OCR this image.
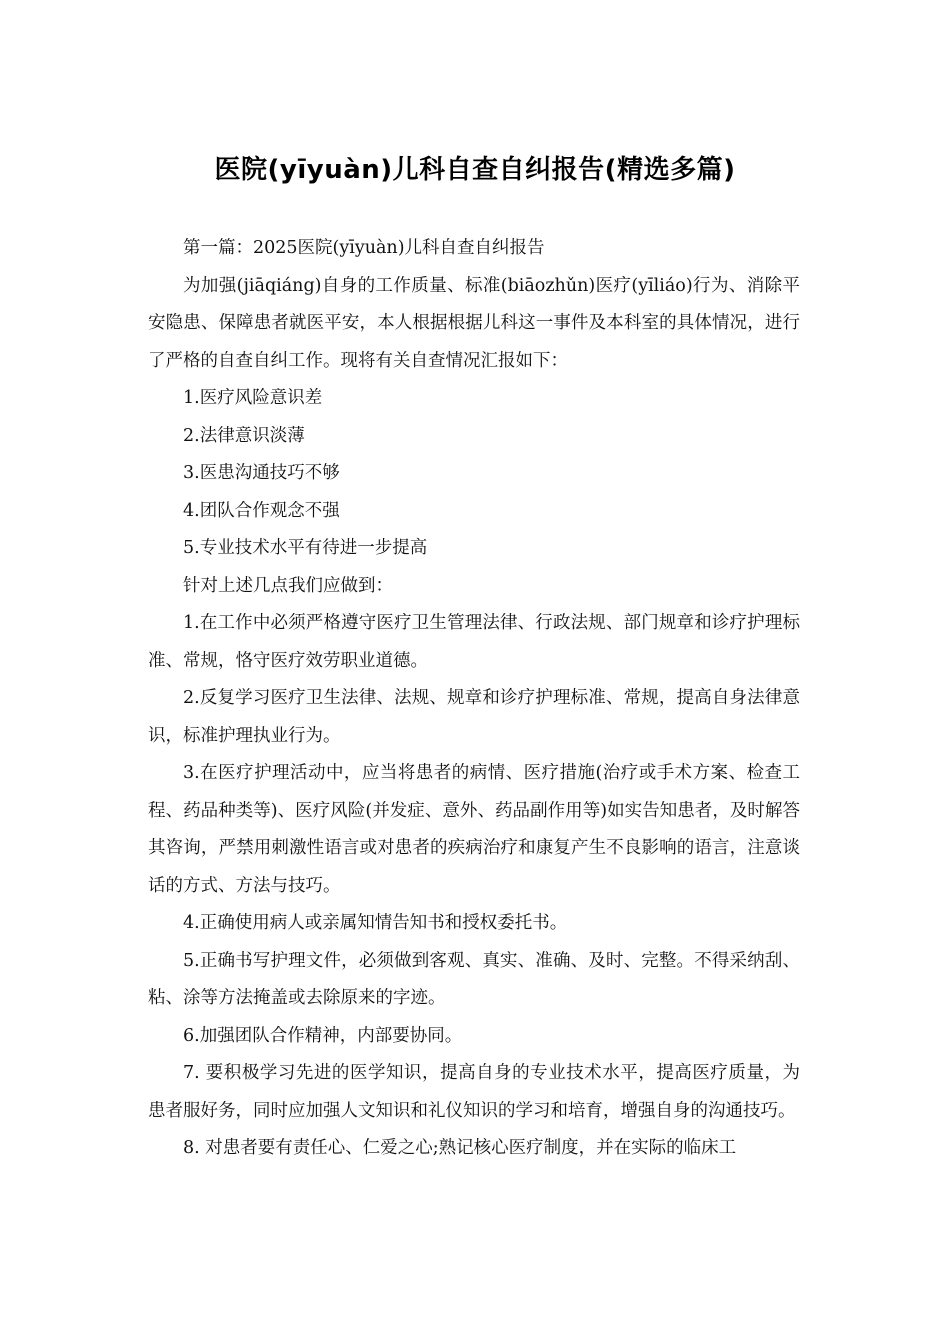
医院(yīyuàn)儿科自查自纠报告(精选多篇)

第一篇：2025医院(yīyuàn)儿科自查自纠报告

为加强(jiāqiáng)自身的工作质量、标准(biāozhǔn)医疗(yīliáo)行为、消除平安隐患、保障患者就医平安，本人根据根据儿科这一事件及本科室的具体情况，进行了严格的自查自纠工作。现将有关自查情况汇报如下：

1.医疗风险意识差

2.法律意识淡薄

3.医患沟通技巧不够

4.团队合作观念不强

5.专业技术水平有待进一步提高

针对上述几点我们应做到：

1.在工作中必须严格遵守医疗卫生管理法律、行政法规、部门规章和诊疗护理标准、常规，恪守医疗效劳职业道德。

2.反复学习医疗卫生法律、法规、规章和诊疗护理标准、常规，提高自身法律意识，标准护理执业行为。

3.在医疗护理活动中，应当将患者的病情、医疗措施(治疗或手术方案、检查工程、药品种类等)、医疗风险(并发症、意外、药品副作用等)如实告知患者，及时解答其咨询，严禁用刺激性语言或对患者的疾病治疗和康复产生不良影响的语言，注意谈话的方式、方法与技巧。

4.正确使用病人或亲属知情告知书和授权委托书。

5.正确书写护理文件，必须做到客观、真实、准确、及时、完整。不得采纳刮、粘、涂等方法掩盖或去除原来的字迹。

6.加强团队合作精神，内部要协同。

7. 要积极学习先进的医学知识，提高自身的专业技术水平，提高医疗质量，为患者服好务，同时应加强人文知识和礼仪知识的学习和培育，增强自身的沟通技巧。

8. 对患者要有责任心、仁爱之心;熟记核心医疗制度，并在实际的临床工
